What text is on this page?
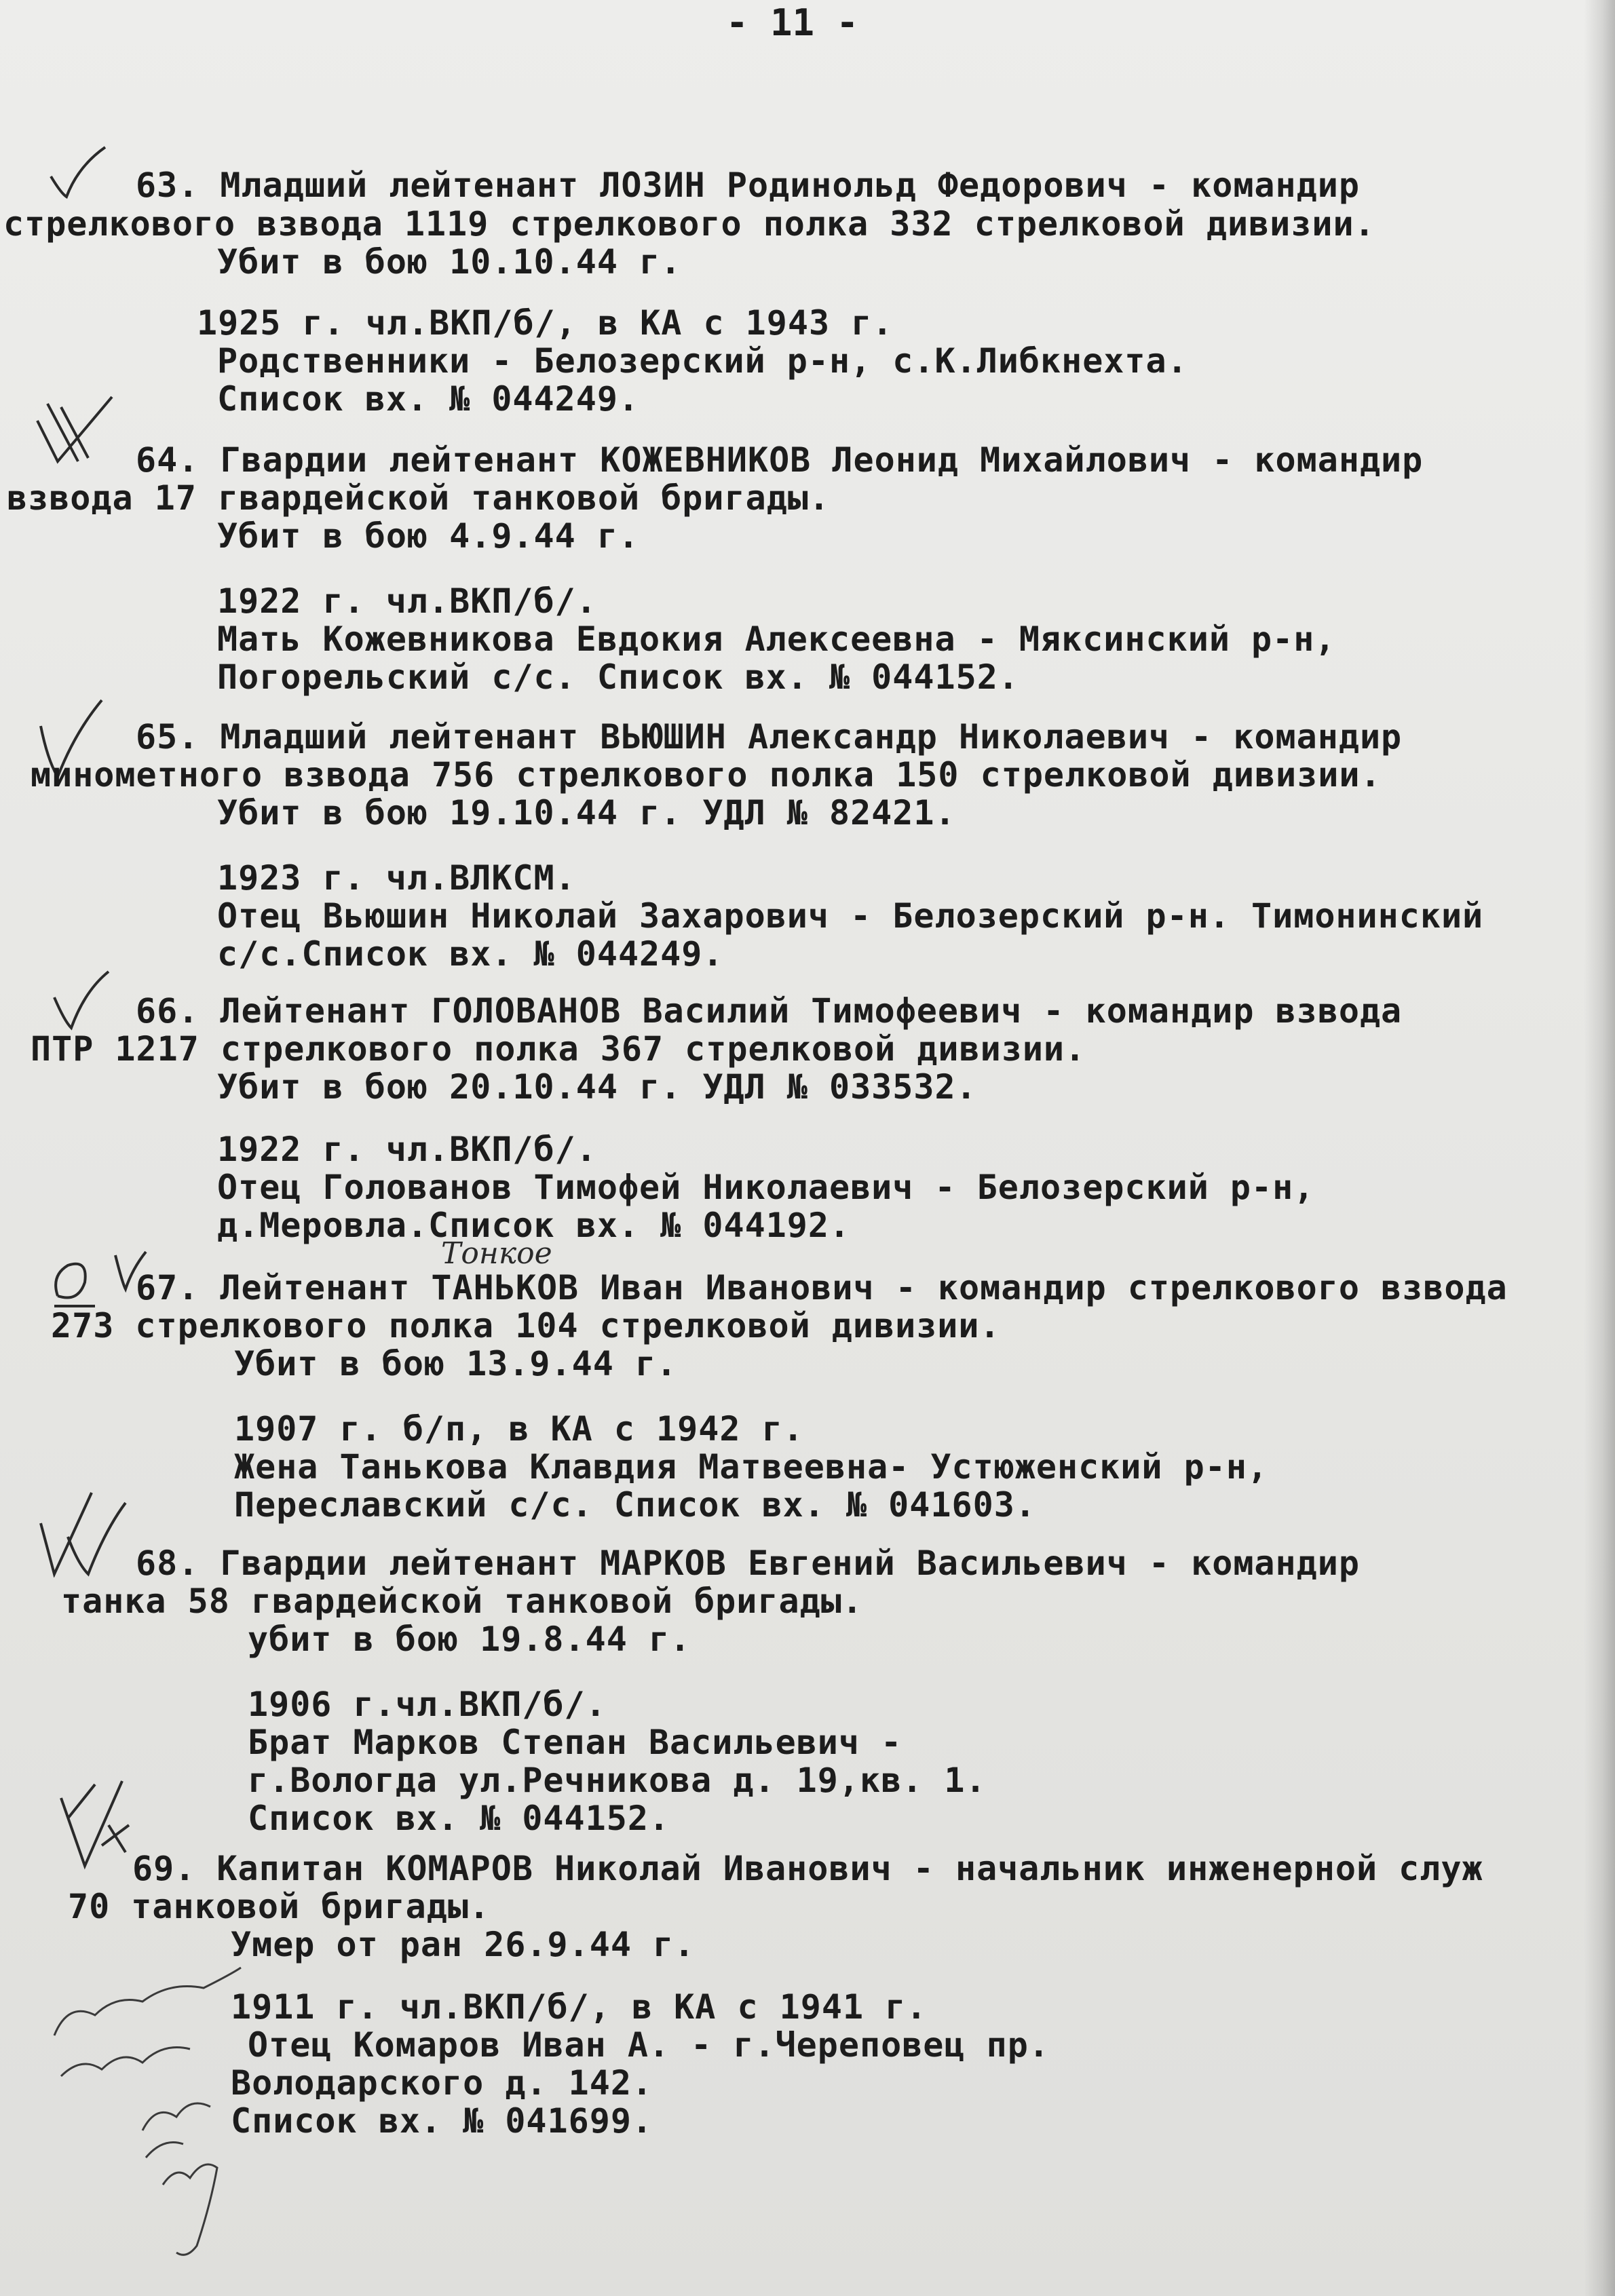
- 11 -
63. Младший лейтенант ЛОЗИН Родинольд Федорович - командир
стрелкового взвода 1119 стрелкового полка 332 стрелковой дивизии.
Убит в бою 10.10.44 г.
1925 г. чл.ВКП/б/, в КА с 1943 г.
Родственники - Белозерский р-н, с.К.Либкнехта.
Список вх. № 044249.
64. Гвардии лейтенант КОЖЕВНИКОВ Леонид Михайлович - командир
взвода 17 гвардейской танковой бригады.
Убит в бою 4.9.44 г.
1922 г. чл.ВКП/б/.
Мать Кожевникова Евдокия Алексеевна - Мяксинский р-н,
Погорельский с/с. Список вх. № 044152.
65. Младший лейтенант ВЬЮШИН Александр Николаевич - командир
минометного взвода 756 стрелкового полка 150 стрелковой дивизии.
Убит в бою 19.10.44 г. УДЛ № 82421.
1923 г. чл.ВЛКСМ.
Отец Вьюшин Николай Захарович - Белозерский р-н. Тимонинский
с/с.Список вх. № 044249.
66. Лейтенант ГОЛОВАНОВ Василий Тимофеевич - командир взвода
ПТР 1217 стрелкового полка 367 стрелковой дивизии.
Убит в бою 20.10.44 г. УДЛ № 033532.
1922 г. чл.ВКП/б/.
Отец Голованов Тимофей Николаевич - Белозерский р-н,
д.Меровла.Список вх. № 044192.
Тонкое
67. Лейтенант ТАНЬКОВ Иван Иванович - командир стрелкового взвода
273 стрелкового полка 104 стрелковой дивизии.
Убит в бою 13.9.44 г.
1907 г. б/п, в КА с 1942 г.
Жена Танькова Клавдия Матвеевна- Устюженский р-н,
Переславский с/с. Список вх. № 041603.
68. Гвардии лейтенант МАРКОВ Евгений Васильевич - командир
танка 58 гвардейской танковой бригады.
убит в бою 19.8.44 г.
1906 г.чл.ВКП/б/.
Брат Марков Степан Васильевич -
г.Вологда ул.Речникова д. 19,кв. 1.
Список вх. № 044152.
69. Капитан КОМАРОВ Николай Иванович - начальник инженерной служ
70 танковой бригады.
Умер от ран 26.9.44 г.
1911 г. чл.ВКП/б/, в КА с 1941 г.
Отец Комаров Иван А. - г.Череповец пр.
Володарского д. 142.
Список вх. № 041699.
